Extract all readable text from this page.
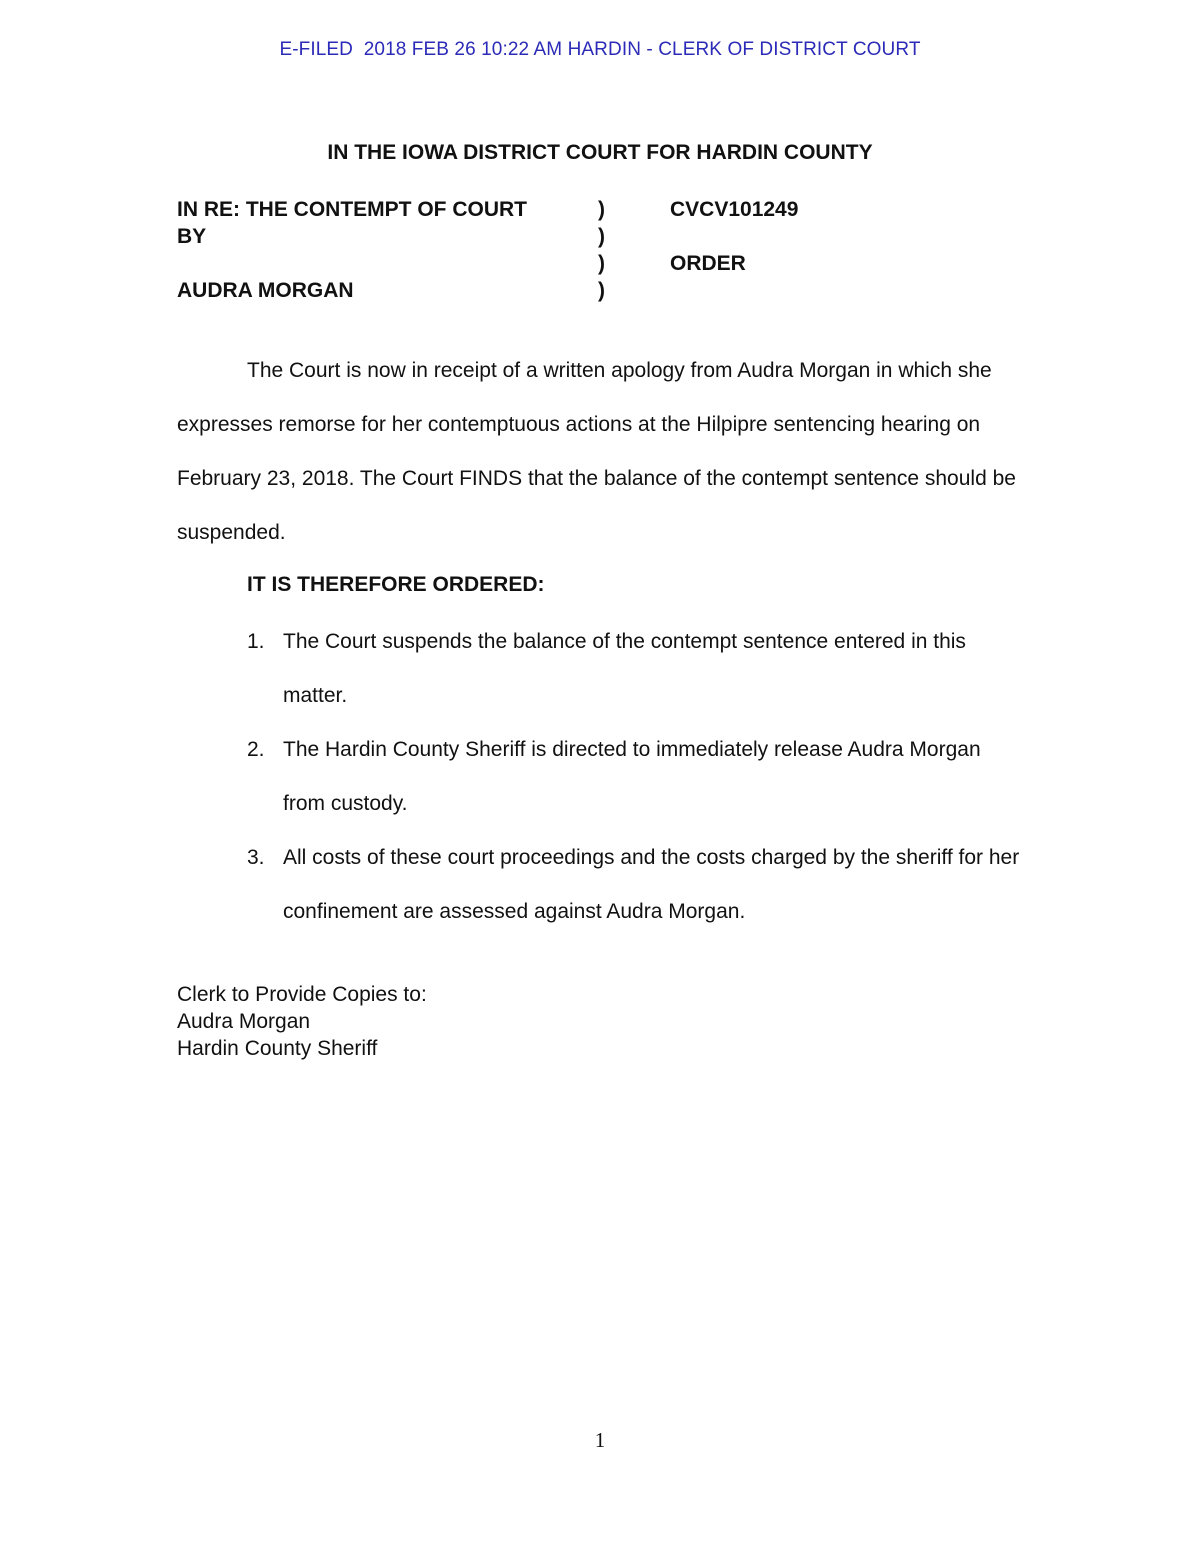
E-FILED  2018 FEB 26 10:22 AM HARDIN - CLERK OF DISTRICT COURT
IN THE IOWA DISTRICT COURT FOR HARDIN COUNTY
IN RE: THE CONTEMPT OF COURT
BY
AUDRA MORGAN
)
)
)
)
CVCV101249
ORDER
The Court is now in receipt of a written apology from Audra Morgan in which she expresses remorse for her contemptuous actions at the Hilpipre sentencing hearing on February 23, 2018. The Court FINDS that the balance of the contempt sentence should be suspended.
IT IS THEREFORE ORDERED:
1. The Court suspends the balance of the contempt sentence entered in this matter.
2. The Hardin County Sheriff is directed to immediately release Audra Morgan from custody.
3. All costs of these court proceedings and the costs charged by the sheriff for her confinement are assessed against Audra Morgan.
Clerk to Provide Copies to:
Audra Morgan
Hardin County Sheriff
1
